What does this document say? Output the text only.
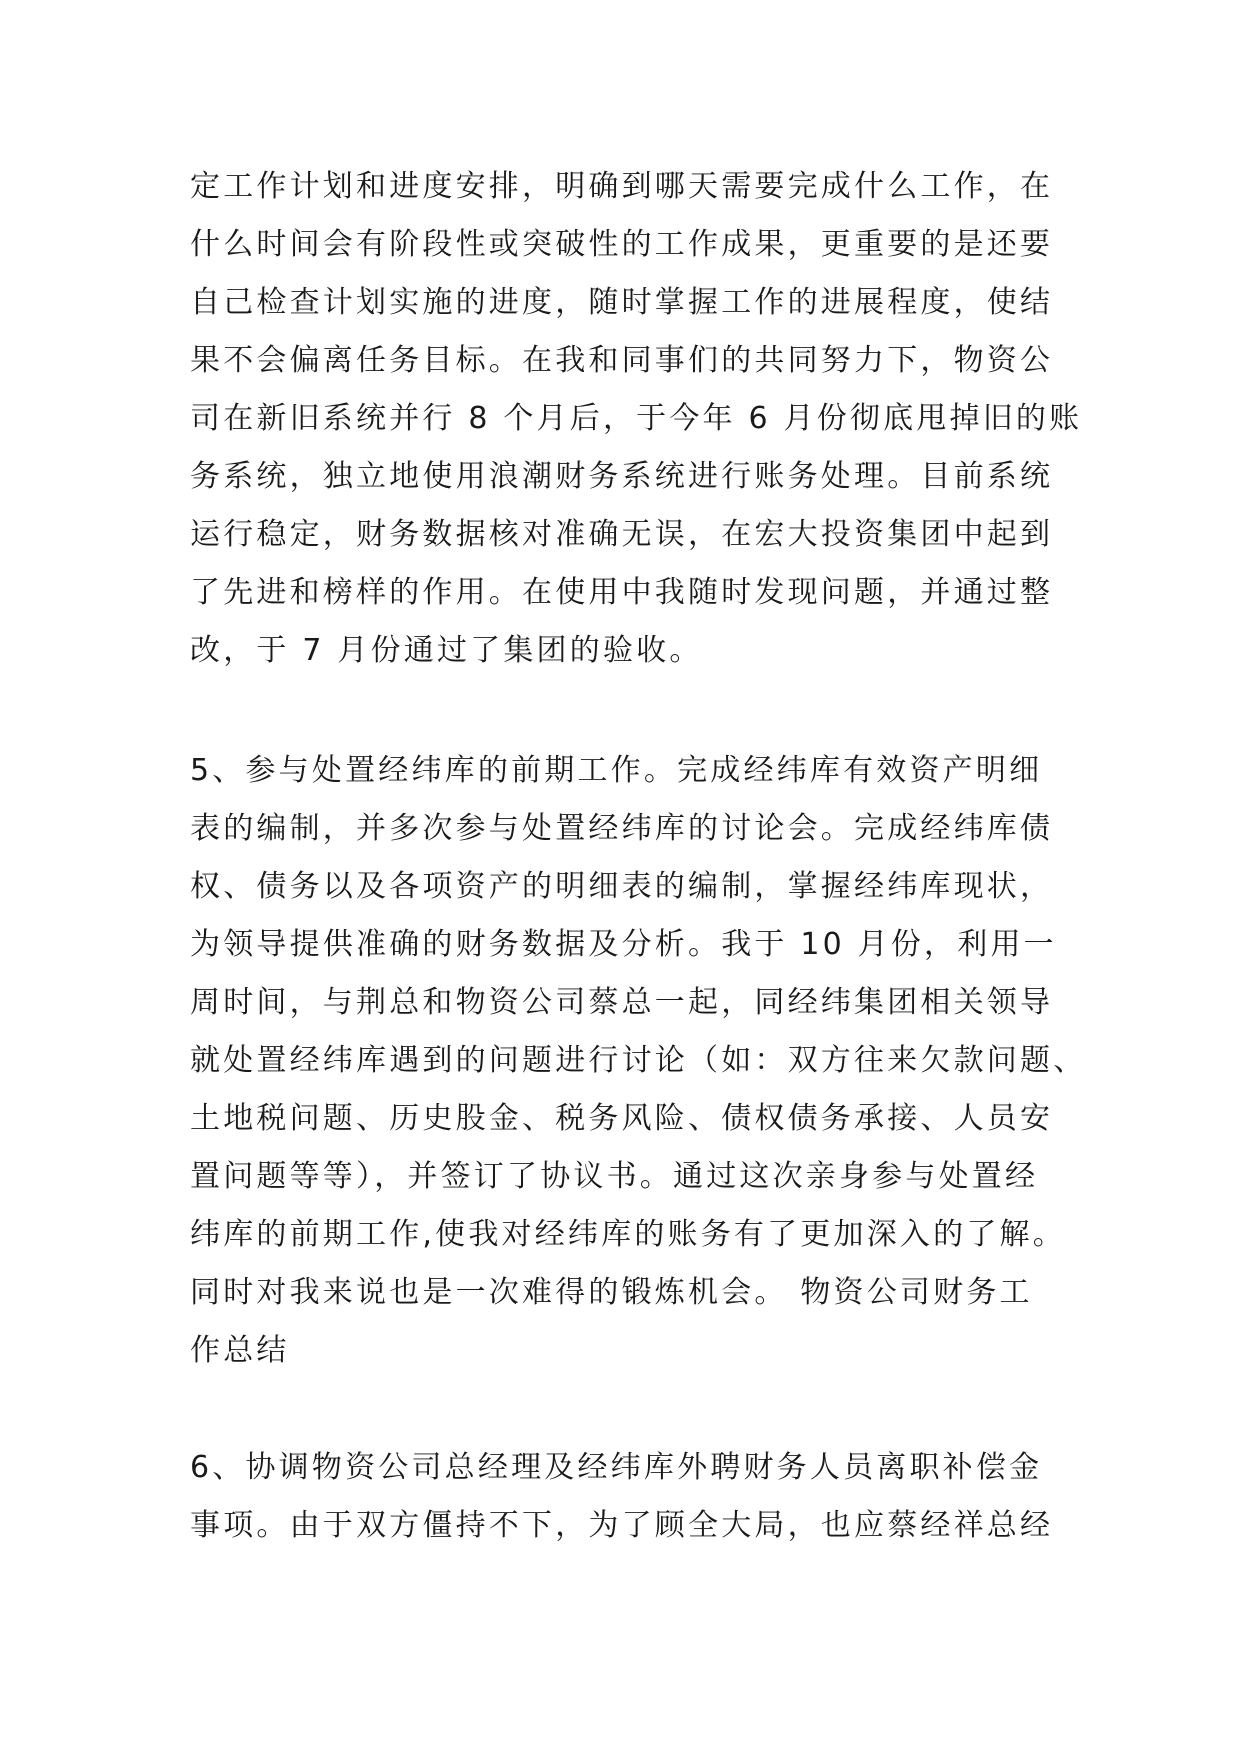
定工作计划和进度安排，明确到哪天需要完成什么工作，在
什么时间会有阶段性或突破性的工作成果，更重要的是还要
自己检查计划实施的进度，随时掌握工作的进展程度，使结
果不会偏离任务目标。在我和同事们的共同努力下，物资公
司在新旧系统并行 8 个月后，于今年 6 月份彻底甩掉旧的账
务系统，独立地使用浪潮财务系统进行账务处理。目前系统
运行稳定，财务数据核对准确无误，在宏大投资集团中起到
了先进和榜样的作用。在使用中我随时发现问题，并通过整
改，于 7 月份通过了集团的验收。
5、参与处置经纬库的前期工作。完成经纬库有效资产明细
表的编制，并多次参与处置经纬库的讨论会。完成经纬库债
权、债务以及各项资产的明细表的编制，掌握经纬库现状，
为领导提供准确的财务数据及分析。我于 10 月份，利用一
周时间，与荆总和物资公司蔡总一起，同经纬集团相关领导
就处置经纬库遇到的问题进行讨论（如：双方往来欠款问题、
土地税问题、历史股金、税务风险、债权债务承接、人员安
置问题等等），并签订了协议书。通过这次亲身参与处置经
纬库的前期工作,使我对经纬库的账务有了更加深入的了解。
同时对我来说也是一次难得的锻炼机会。 物资公司财务工
作总结
6、协调物资公司总经理及经纬库外聘财务人员离职补偿金
事项。由于双方僵持不下，为了顾全大局，也应蔡经祥总经
